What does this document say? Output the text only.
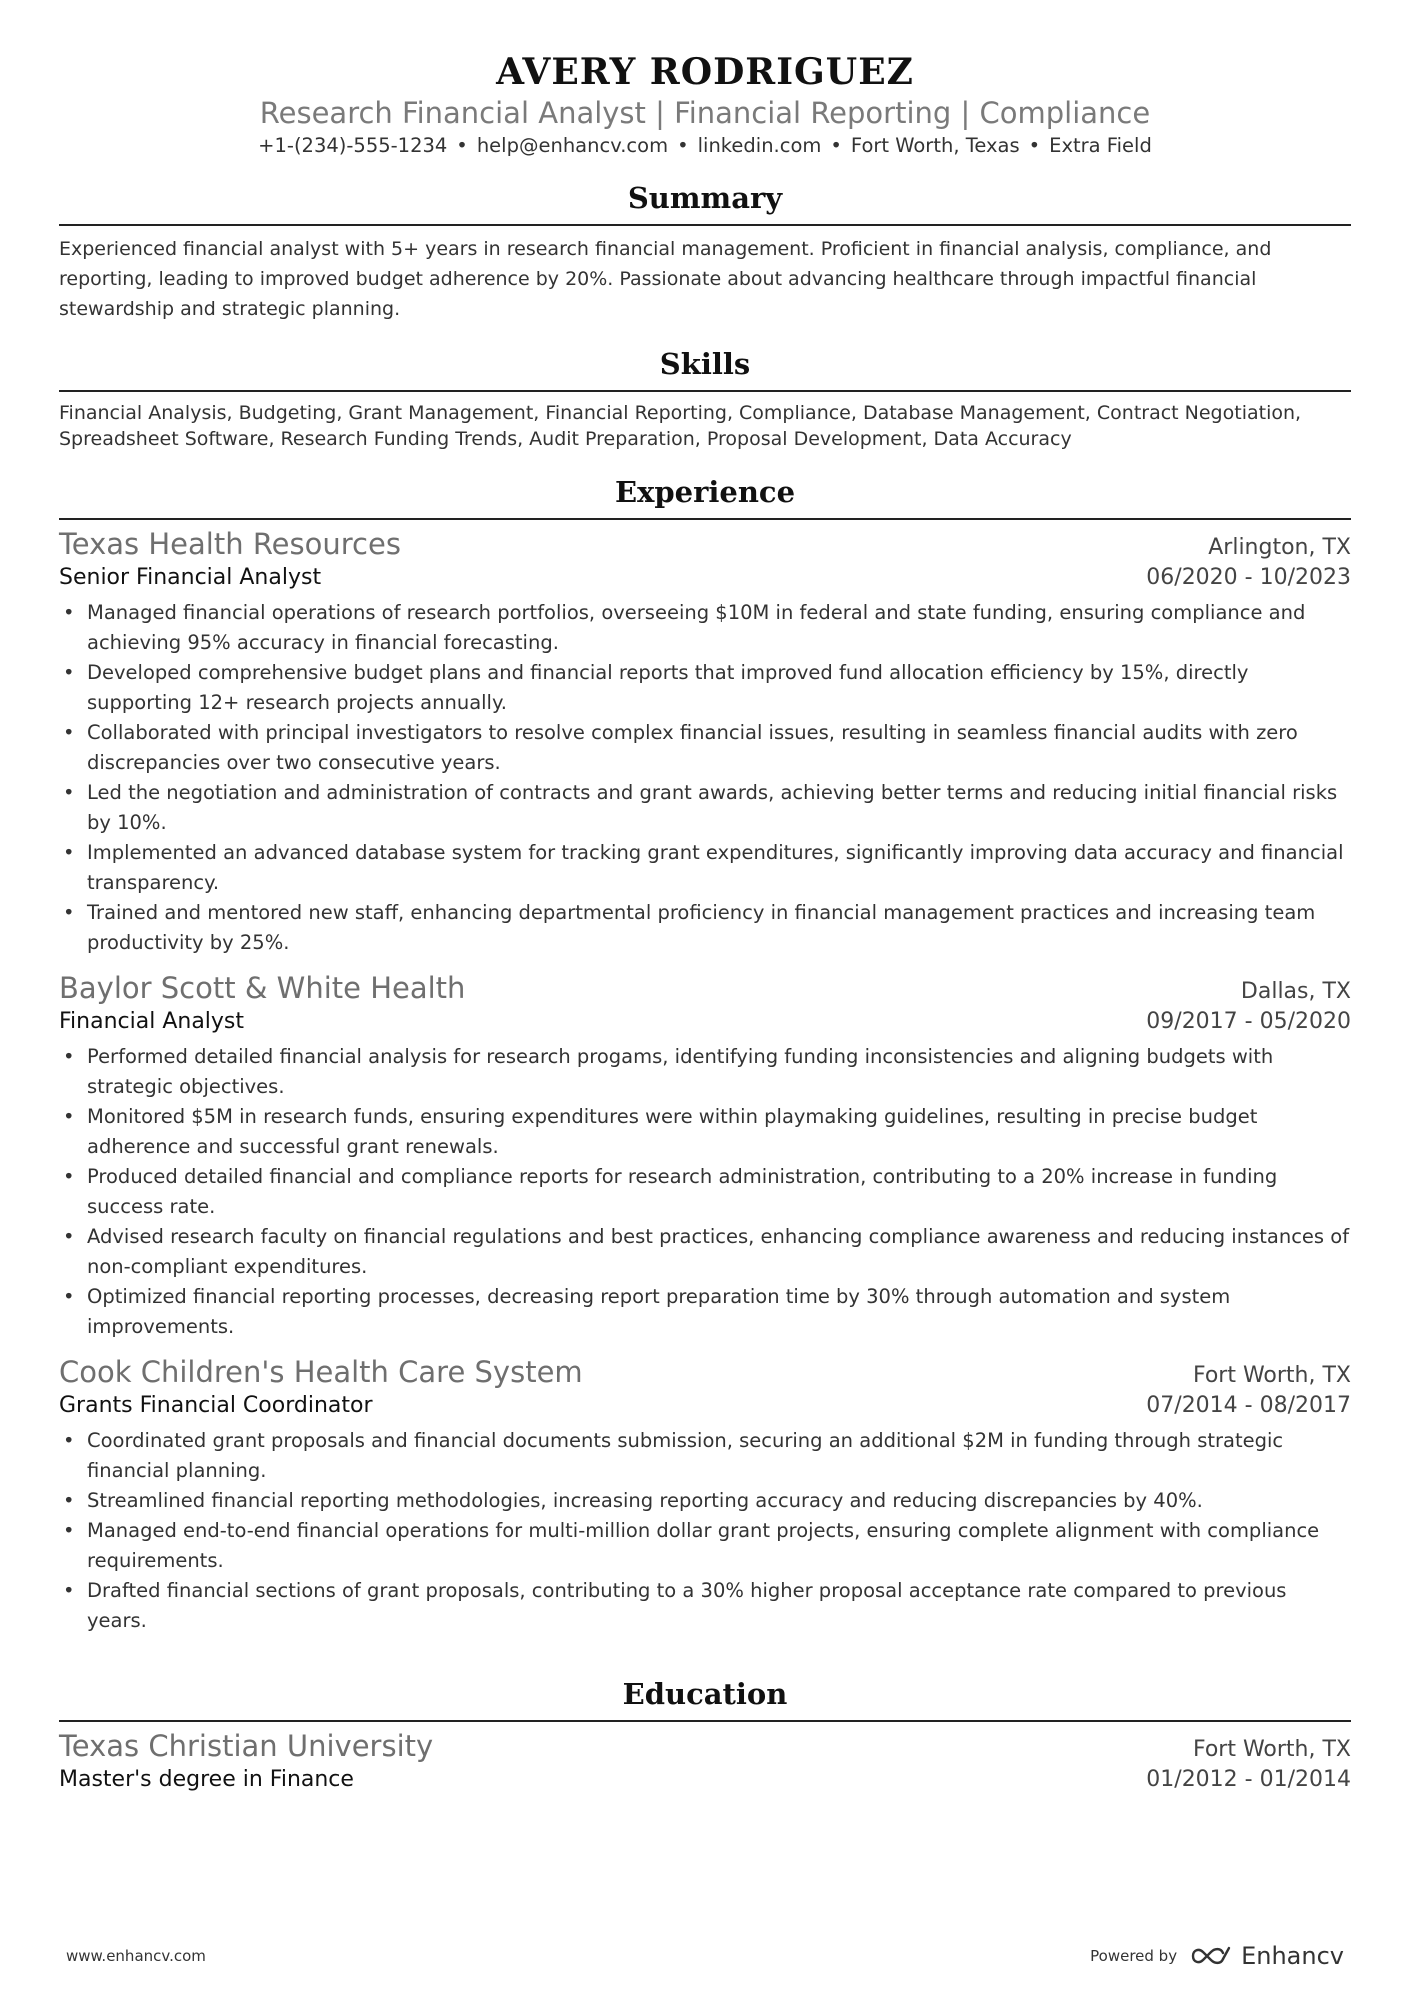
AVERY RODRIGUEZ
Research Financial Analyst | Financial Reporting | Compliance
+1-(234)-555-1234 • help@enhancv.com • linkedin.com • Fort Worth, Texas • Extra Field
Summary
Experienced financial analyst with 5+ years in research financial management. Proficient in financial analysis, compliance, and reporting, leading to improved budget adherence by 20%. Passionate about advancing healthcare through impactful financial stewardship and strategic planning.
Skills
Financial Analysis, Budgeting, Grant Management, Financial Reporting, Compliance, Database Management, Contract Negotiation, Spreadsheet Software, Research Funding Trends, Audit Preparation, Proposal Development, Data Accuracy
Experience
Texas Health Resources	Arlington, TX
Senior Financial Analyst	06/2020 - 10/2023
• Managed financial operations of research portfolios, overseeing $10M in federal and state funding, ensuring compliance and achieving 95% accuracy in financial forecasting.
• Developed comprehensive budget plans and financial reports that improved fund allocation efficiency by 15%, directly supporting 12+ research projects annually.
• Collaborated with principal investigators to resolve complex financial issues, resulting in seamless financial audits with zero discrepancies over two consecutive years.
• Led the negotiation and administration of contracts and grant awards, achieving better terms and reducing initial financial risks by 10%.
• Implemented an advanced database system for tracking grant expenditures, significantly improving data accuracy and financial transparency.
• Trained and mentored new staff, enhancing departmental proficiency in financial management practices and increasing team productivity by 25%.
Baylor Scott & White Health	Dallas, TX
Financial Analyst	09/2017 - 05/2020
• Performed detailed financial analysis for research progams, identifying funding inconsistencies and aligning budgets with strategic objectives.
• Monitored $5M in research funds, ensuring expenditures were within playmaking guidelines, resulting in precise budget adherence and successful grant renewals.
• Produced detailed financial and compliance reports for research administration, contributing to a 20% increase in funding success rate.
• Advised research faculty on financial regulations and best practices, enhancing compliance awareness and reducing instances of non-compliant expenditures.
• Optimized financial reporting processes, decreasing report preparation time by 30% through automation and system improvements.
Cook Children's Health Care System	Fort Worth, TX
Grants Financial Coordinator	07/2014 - 08/2017
• Coordinated grant proposals and financial documents submission, securing an additional $2M in funding through strategic financial planning.
• Streamlined financial reporting methodologies, increasing reporting accuracy and reducing discrepancies by 40%.
• Managed end-to-end financial operations for multi-million dollar grant projects, ensuring complete alignment with compliance requirements.
• Drafted financial sections of grant proposals, contributing to a 30% higher proposal acceptance rate compared to previous years.
Education
Texas Christian University	Fort Worth, TX
Master's degree in Finance	01/2012 - 01/2014
www.enhancv.com	Powered by	Enhancv
